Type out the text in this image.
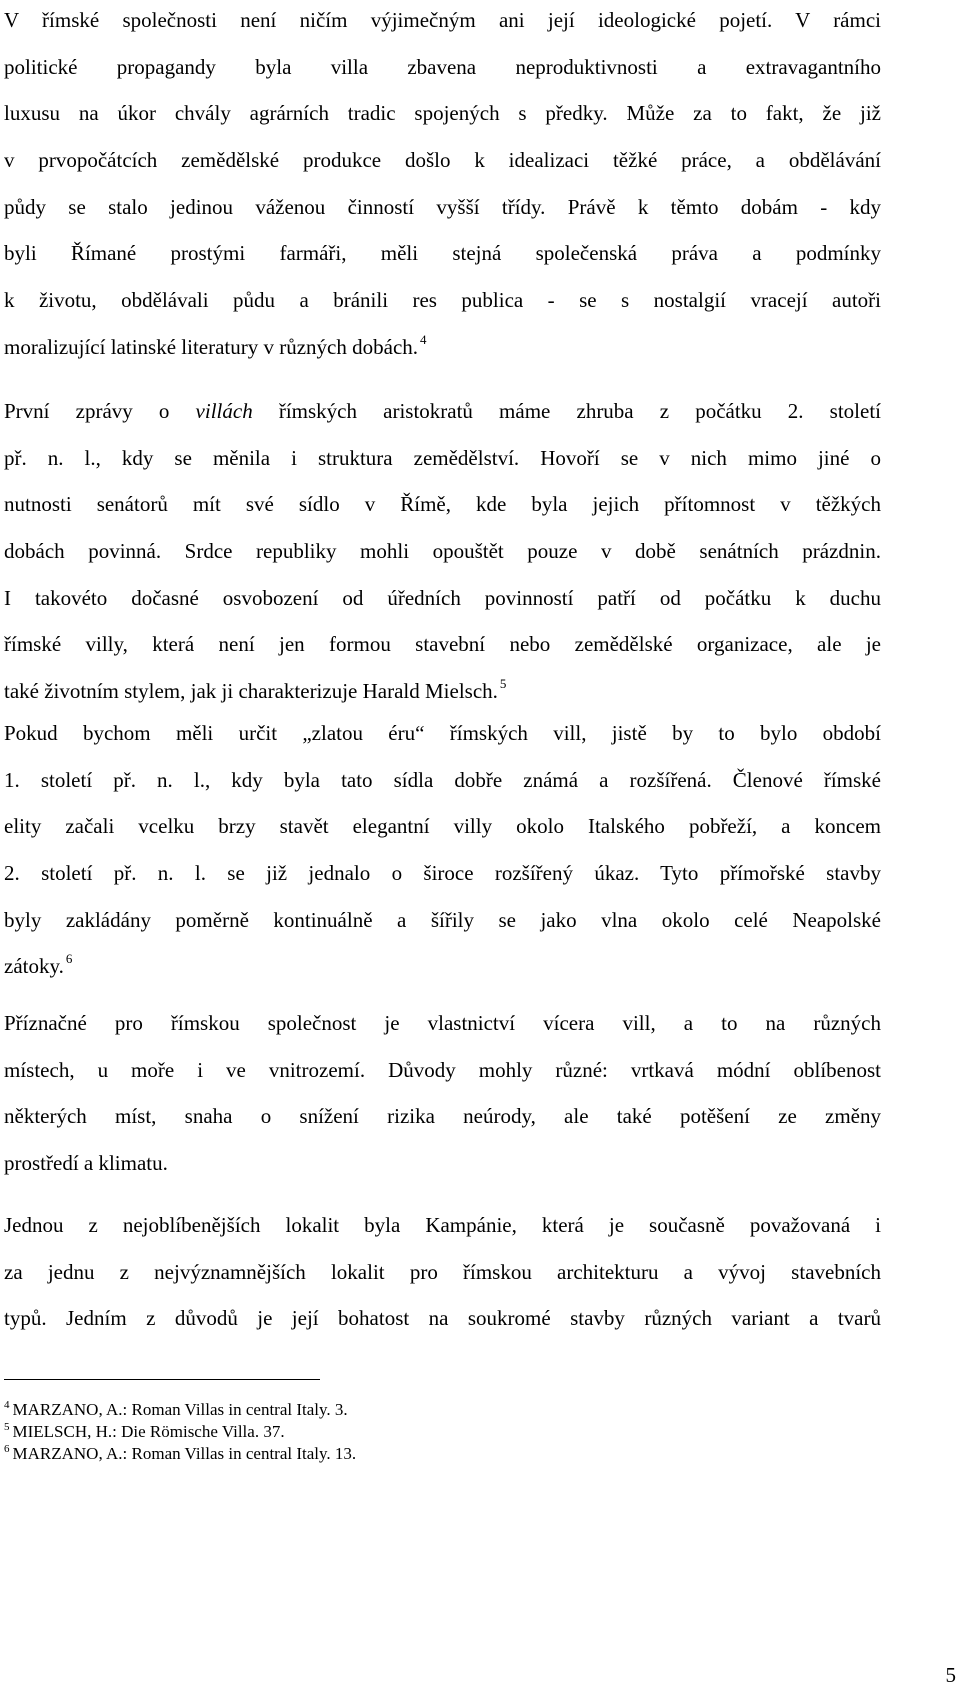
V římské společnosti není ničím výjimečným ani její ideologické pojetí. V rámci
politické propagandy byla villa zbavena neproduktivnosti a extravagantního
luxusu na úkor chvály agrárních tradic spojených s předky. Může za to fakt, že již
v prvopočátcích zemědělské produkce došlo k idealizaci těžké práce, a obdělávání
půdy se stalo jedinou váženou činností vyšší třídy. Právě k těmto dobám - kdy
byli Římané prostými farmáři, měli stejná společenská práva a podmínky
k životu, obdělávali půdu a bránili res publica - se s nostalgií vracejí autoři
moralizující latinské literatury v různých dobách. $^4$
První zprávy o villách římských aristokratů máme zhruba z počátku 2. století
př. n. l., kdy se měnila i struktura zemědělství. Hovoří se v nich mimo jiné o
nutnosti senátorů mít své sídlo v Římě, kde byla jejich přítomnost v těžkých
dobách povinná. Srdce republiky mohli opouštět pouze v době senátních prázdnin.
I takovéto dočasné osvobození od úředních povinností patří od počátku k duchu
římské villy, která není jen formou stavební nebo zemědělské organizace, ale je
také životním stylem, jak ji charakterizuje Harald Mielsch. $^5$
Pokud bychom měli určit „zlatou éru“ římských vill, jistě by to bylo období
1. století př. n. l., kdy byla tato sídla dobře známá a rozšířená. Členové římské
elity začali vcelku brzy stavět elegantní villy okolo Italského pobřeží, a koncem
2. století př. n. l. se již jednalo o široce rozšířený úkaz. Tyto přímořské stavby
byly zakládány poměrně kontinuálně a šířily se jako vlna okolo celé Neapolské
zátoky. $^6$
Příznačné pro římskou společnost je vlastnictví vícera vill, a to na různých
místech, u moře i ve vnitrozemí. Důvody mohly různé: vrtkavá módní oblíbenost
některých míst, snaha o snížení rizika neúrody, ale také potěšení ze změny
prostředí a klimatu.
Jednou z nejoblíbenějších lokalit byla Kampánie, která je současně považovaná i
za jednu z nejvýznamnějších lokalit pro římskou architekturu a vývoj stavebních
typů. Jedním z důvodů je její bohatost na soukromé stavby různých variant a tvarů
$^4$ MARZANO, A.: Roman Villas in central Italy. 3.
$^5$ MIELSCH, H.: Die Römische Villa. 37.
$^6$ MARZANO, A.: Roman Villas in central Italy. 13.
5
